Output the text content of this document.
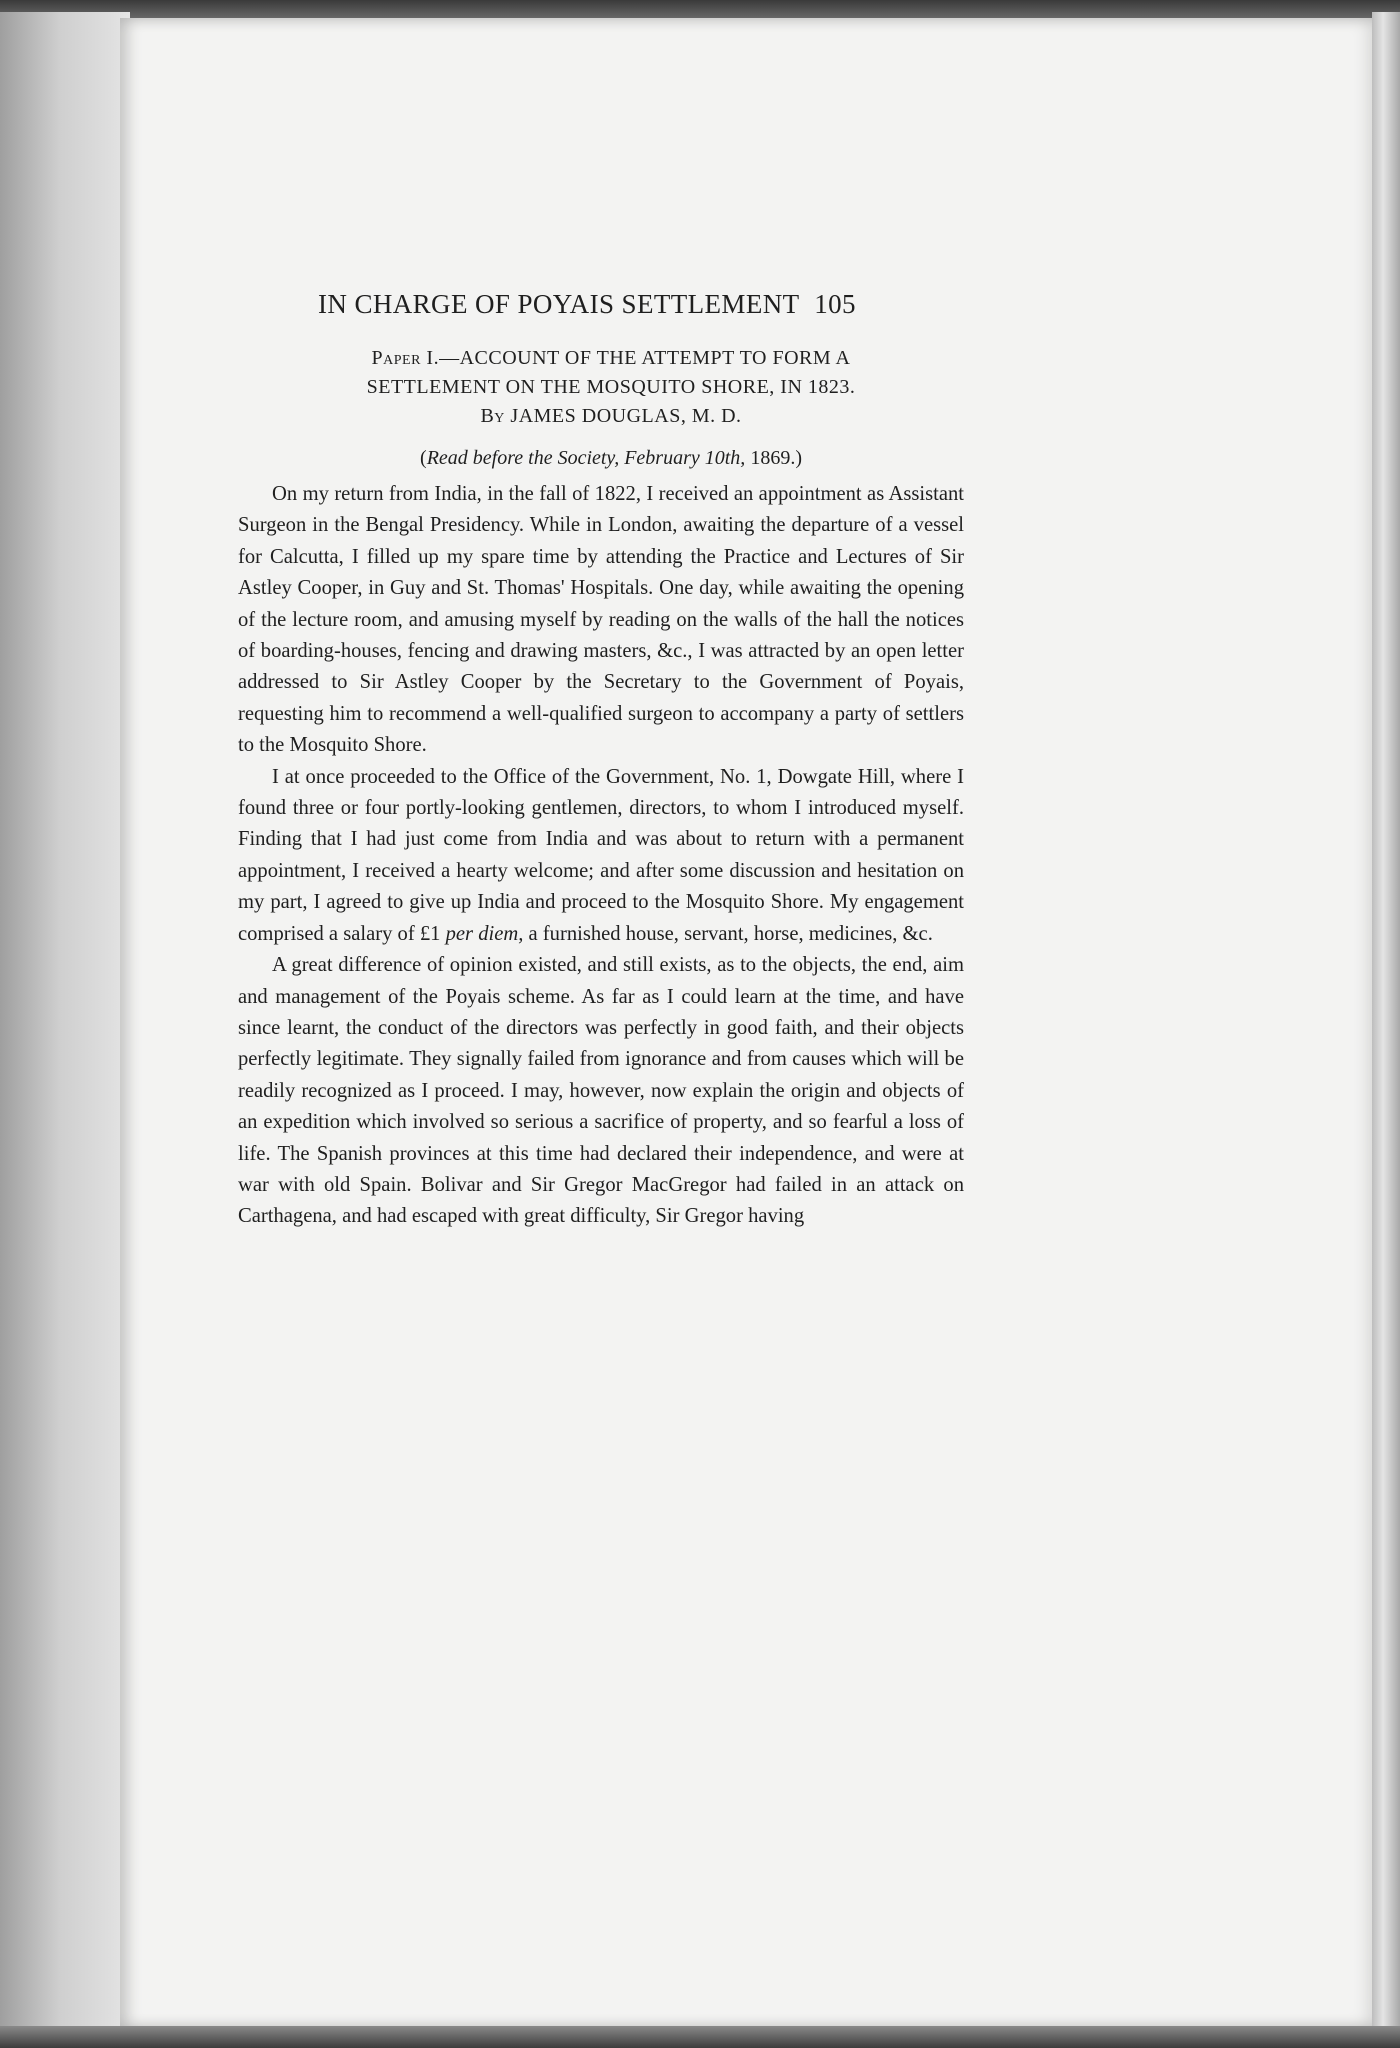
IN CHARGE OF POYAIS SETTLEMENT 105
Paper I.—ACCOUNT OF THE ATTEMPT TO FORM A
SETTLEMENT ON THE MOSQUITO SHORE, IN 1823.
By JAMES DOUGLAS, M. D.
(Read before the Society, February 10th, 1869.)

On my return from India, in the fall of 1822, I received an appointment as Assistant Surgeon in the Bengal Presidency. While in London, awaiting the departure of a vessel for Calcutta, I filled up my spare time by attending the Practice and Lectures of Sir Astley Cooper, in Guy and St. Thomas' Hospitals. One day, while awaiting the opening of the lecture room, and amusing myself by reading on the walls of the hall the notices of boarding-houses, fencing and drawing masters, &c., I was attracted by an open letter addressed to Sir Astley Cooper by the Secretary to the Government of Poyais, requesting him to recommend a well-qualified surgeon to accompany a party of settlers to the Mosquito Shore.

I at once proceeded to the Office of the Government, No. 1, Dowgate Hill, where I found three or four portly-looking gentlemen, directors, to whom I introduced myself. Finding that I had just come from India and was about to return with a permanent appointment, I received a hearty welcome; and after some discussion and hesitation on my part, I agreed to give up India and proceed to the Mosquito Shore. My engagement comprised a salary of £1 per diem, a furnished house, servant, horse, medicines, &c.

A great difference of opinion existed, and still exists, as to the objects, the end, aim and management of the Poyais scheme. As far as I could learn at the time, and have since learnt, the conduct of the directors was perfectly in good faith, and their objects perfectly legitimate. They signally failed from ignorance and from causes which will be readily recognized as I proceed. I may, however, now explain the origin and objects of an expedition which involved so serious a sacrifice of property, and so fearful a loss of life. The Spanish provinces at this time had declared their independence, and were at war with old Spain. Bolivar and Sir Gregor MacGregor had failed in an attack on Carthagena, and had escaped with great difficulty, Sir Gregor having
